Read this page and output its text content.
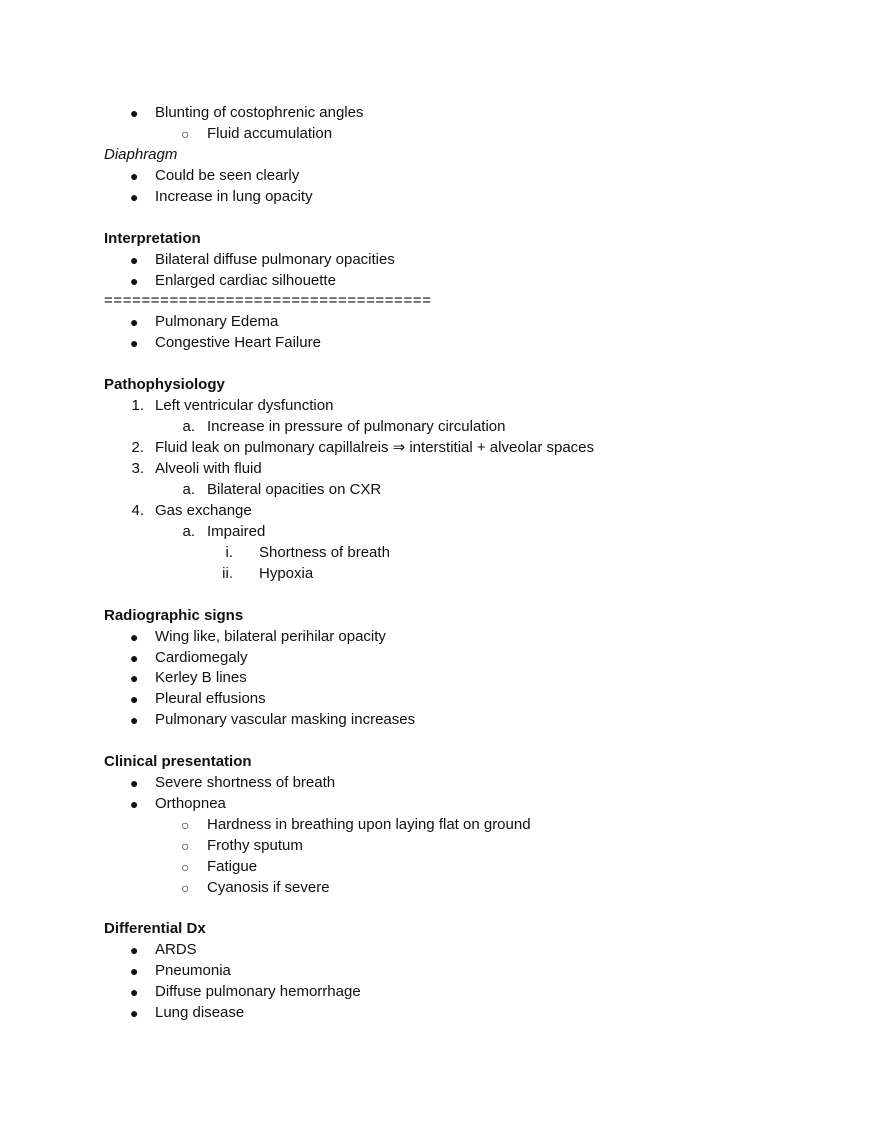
● Blunting of costophrenic angles
○ Fluid accumulation
Diaphragm
● Could be seen clearly
● Increase in lung opacity
Interpretation
● Bilateral diffuse pulmonary opacities
● Enlarged cardiac silhouette
===================================
● Pulmonary Edema
● Congestive Heart Failure
Pathophysiology
1. Left ventricular dysfunction
a. Increase in pressure of pulmonary circulation
2. Fluid leak on pulmonary capillalreis ⇒ interstitial + alveolar spaces
3. Alveoli with fluid
a. Bilateral opacities on CXR
4. Gas exchange
a. Impaired
i. Shortness of breath
ii. Hypoxia
Radiographic signs
● Wing like, bilateral perihilar opacity
● Cardiomegaly
● Kerley B lines
● Pleural effusions
● Pulmonary vascular masking increases
Clinical presentation
● Severe shortness of breath
● Orthopnea
○ Hardness in breathing upon laying flat on ground
○ Frothy sputum
○ Fatigue
○ Cyanosis if severe
Differential Dx
● ARDS
● Pneumonia
● Diffuse pulmonary hemorrhage
● Lung disease
